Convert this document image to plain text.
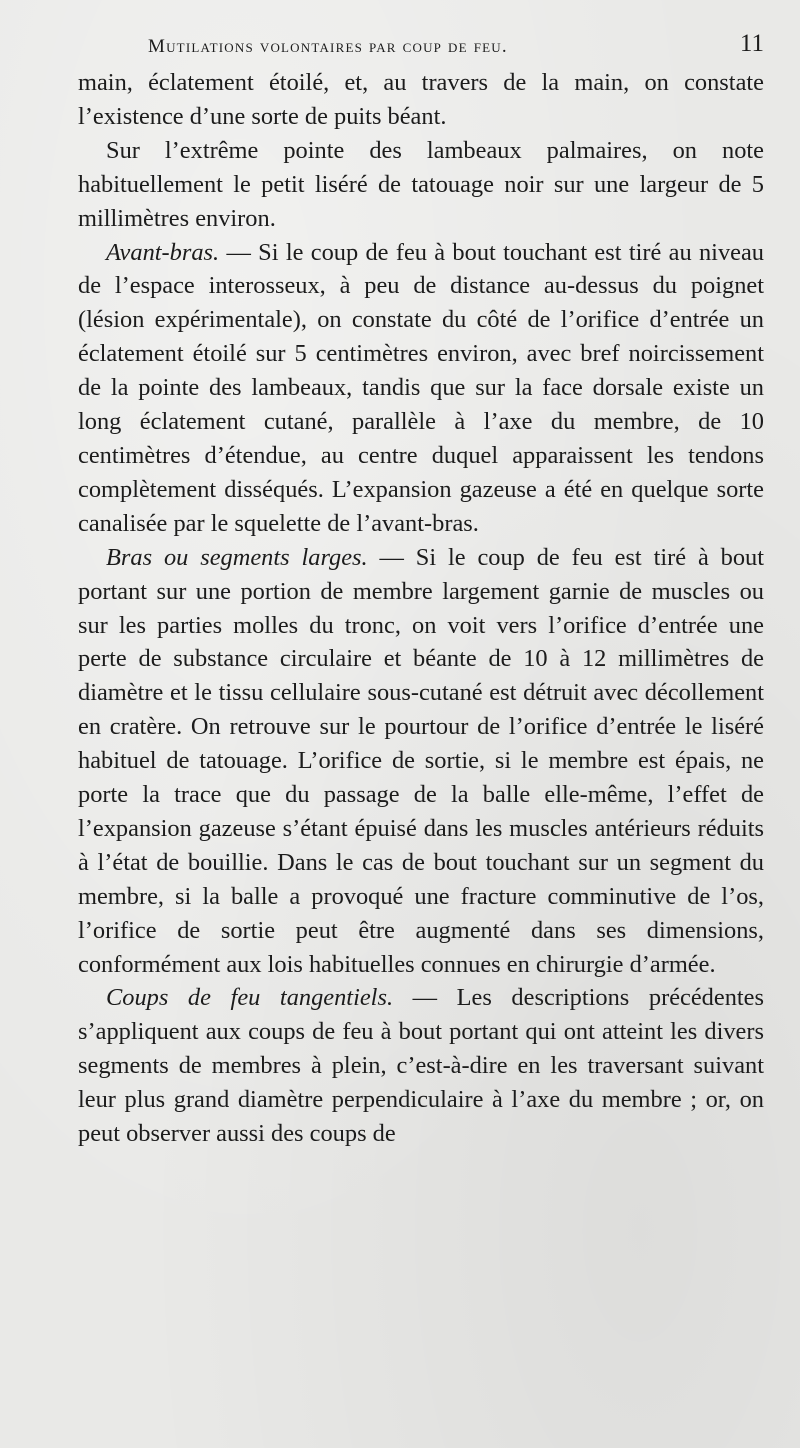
Mutilations volontaires par coup de feu.	11

main, éclatement étoilé, et, au travers de la main, on constate l’existence d’une sorte de puits béant.

Sur l’extrême pointe des lambeaux palmaires, on note habituellement le petit liséré de tatouage noir sur une largeur de 5 millimètres environ.

Avant-bras. — Si le coup de feu à bout touchant est tiré au niveau de l’espace interosseux, à peu de distance au-dessus du poignet (lésion expérimentale), on constate du côté de l’orifice d’entrée un éclatement étoilé sur 5 centimètres environ, avec bref noircissement de la pointe des lambeaux, tandis que sur la face dorsale existe un long éclatement cutané, parallèle à l’axe du membre, de 10 centimètres d’étendue, au centre duquel apparaissent les tendons complètement disséqués. L’expansion gazeuse a été en quelque sorte canalisée par le squelette de l’avant-bras.

Bras ou segments larges. — Si le coup de feu est tiré à bout portant sur une portion de membre largement garnie de muscles ou sur les parties molles du tronc, on voit vers l’orifice d’entrée une perte de substance circulaire et béante de 10 à 12 millimètres de diamètre et le tissu cellulaire sous-cutané est détruit avec décollement en cratère. On retrouve sur le pourtour de l’orifice d’entrée le liséré habituel de tatouage. L’orifice de sortie, si le membre est épais, ne porte la trace que du passage de la balle elle-même, l’effet de l’expansion gazeuse s’étant épuisé dans les muscles antérieurs réduits à l’état de bouillie. Dans le cas de bout touchant sur un segment du membre, si la balle a provoqué une fracture comminutive de l’os, l’orifice de sortie peut être augmenté dans ses dimensions, conformément aux lois habituelles connues en chirurgie d’armée.

Coups de feu tangentiels. — Les descriptions précédentes s’appliquent aux coups de feu à bout portant qui ont atteint les divers segments de membres à plein, c’est-à-dire en les traversant suivant leur plus grand diamètre perpendiculaire à l’axe du membre ; or, on peut observer aussi des coups de
